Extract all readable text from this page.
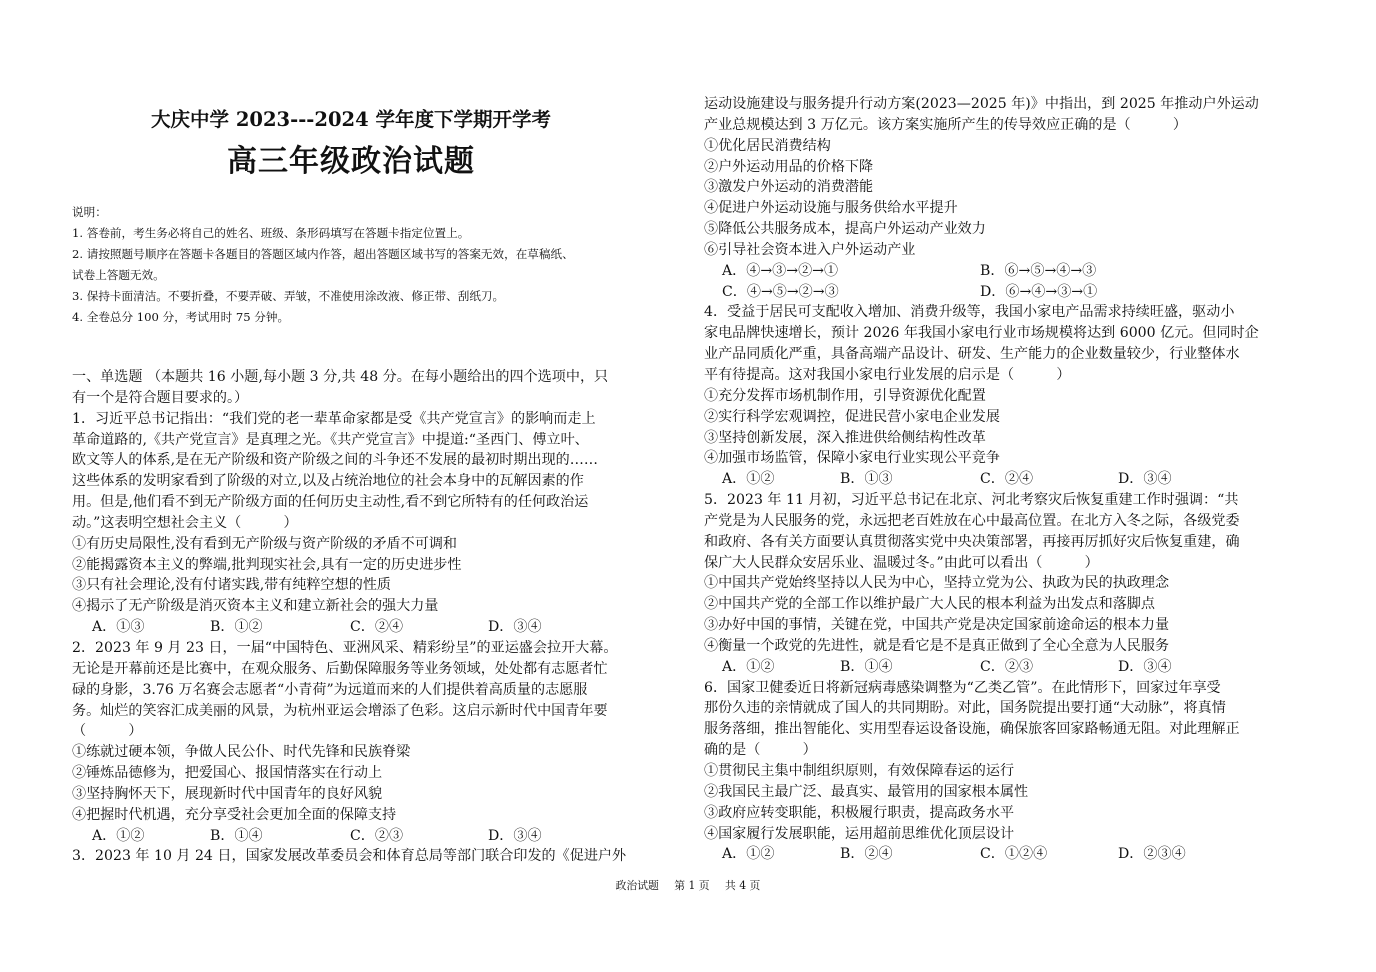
大庆中学 2023---2024 学年度下学期开学考
高三年级政治试题
说明：
1. 答卷前，考生务必将自己的姓名、班级、条形码填写在答题卡指定位置上。
2. 请按照题号顺序在答题卡各题目的答题区域内作答，超出答题区域书写的答案无效，在草稿纸、
试卷上答题无效。
3. 保持卡面清洁。不要折叠，不要弄破、弄皱，不准使用涂改液、修正带、刮纸刀。
4. 全卷总分 100 分，考试用时 75 分钟。
一、单选题 （本题共 16 小题,每小题 3 分,共 48 分。在每小题给出的四个选项中，只
有一个是符合题目要求的。）
1．习近平总书记指出：“我们党的老一辈革命家都是受《共产党宣言》的影响而走上
革命道路的,《共产党宣言》是真理之光。《共产党宣言》中提道:“圣西门、傅立叶、
欧文等人的体系,是在无产阶级和资产阶级之间的斗争还不发展的最初时期出现的……
这些体系的发明家看到了阶级的对立,以及占统治地位的社会本身中的瓦解因素的作
用。但是,他们看不到无产阶级方面的任何历史主动性,看不到它所特有的任何政治运
动。”这表明空想社会主义（　　　）
①有历史局限性,没有看到无产阶级与资产阶级的矛盾不可调和
②能揭露资本主义的弊端,批判现实社会,具有一定的历史进步性
③只有社会理论,没有付诸实践,带有纯粹空想的性质
④揭示了无产阶级是消灭资本主义和建立新社会的强大力量
A．①③	B．①②	C．②④	D．③④
2．2023 年 9 月 23 日，一届“中国特色、亚洲风采、精彩纷呈”的亚运盛会拉开大幕。
无论是开幕前还是比赛中，在观众服务、后勤保障服务等业务领域，处处都有志愿者忙
碌的身影，3.76 万名赛会志愿者“小青荷”为远道而来的人们提供着高质量的志愿服
务。灿烂的笑容汇成美丽的风景，为杭州亚运会增添了色彩。这启示新时代中国青年要
（　　　）
①练就过硬本领，争做人民公仆、时代先锋和民族脊梁
②锤炼品德修为，把爱国心、报国情落实在行动上
③坚持胸怀天下，展现新时代中国青年的良好风貌
④把握时代机遇，充分享受社会更加全面的保障支持
A．①②	B．①④	C．②③	D．③④
3．2023 年 10 月 24 日，国家发展改革委员会和体育总局等部门联合印发的《促进户外
运动设施建设与服务提升行动方案(2023—2025 年)》中指出，到 2025 年推动户外运动
产业总规模达到 3 万亿元。该方案实施所产生的传导效应正确的是（　　　）
①优化居民消费结构
②户外运动用品的价格下降
③激发户外运动的消费潜能
④促进户外运动设施与服务供给水平提升
⑤降低公共服务成本，提高户外运动产业效力
⑥引导社会资本进入户外运动产业
A．④→③→②→①	B．⑥→⑤→④→③
C．④→⑤→②→③	D．⑥→④→③→①
4．受益于居民可支配收入增加、消费升级等，我国小家电产品需求持续旺盛，驱动小
家电品牌快速增长，预计 2026 年我国小家电行业市场规模将达到 6000 亿元。但同时企
业产品同质化严重，具备高端产品设计、研发、生产能力的企业数量较少，行业整体水
平有待提高。这对我国小家电行业发展的启示是（　　　）
①充分发挥市场机制作用，引导资源优化配置
②实行科学宏观调控，促进民营小家电企业发展
③坚持创新发展，深入推进供给侧结构性改革
④加强市场监管，保障小家电行业实现公平竞争
A．①②	B．①③	C．②④	D．③④
5．2023 年 11 月初，习近平总书记在北京、河北考察灾后恢复重建工作时强调：“共
产党是为人民服务的党，永远把老百姓放在心中最高位置。在北方入冬之际，各级党委
和政府、各有关方面要认真贯彻落实党中央决策部署，再接再厉抓好灾后恢复重建，确
保广大人民群众安居乐业、温暖过冬。”由此可以看出（　　　）
①中国共产党始终坚持以人民为中心，坚持立党为公、执政为民的执政理念
②中国共产党的全部工作以维护最广大人民的根本利益为出发点和落脚点
③办好中国的事情，关键在党，中国共产党是决定国家前途命运的根本力量
④衡量一个政党的先进性，就是看它是不是真正做到了全心全意为人民服务
A．①②	B．①④	C．②③	D．③④
6．国家卫健委近日将新冠病毒感染调整为“乙类乙管”。在此情形下，回家过年享受
那份久违的亲情就成了国人的共同期盼。对此，国务院提出要打通“大动脉”，将真情
服务落细，推出智能化、实用型春运设备设施，确保旅客回家路畅通无阻。对此理解正
确的是（　　　）
①贯彻民主集中制组织原则，有效保障春运的运行
②我国民主最广泛、最真实、最管用的国家根本属性
③政府应转变职能，积极履行职责，提高政务水平
④国家履行发展职能，运用超前思维优化顶层设计
A．①②	B．②④	C．①②④	D．②③④
政治试题 第 1 页 共 4 页
